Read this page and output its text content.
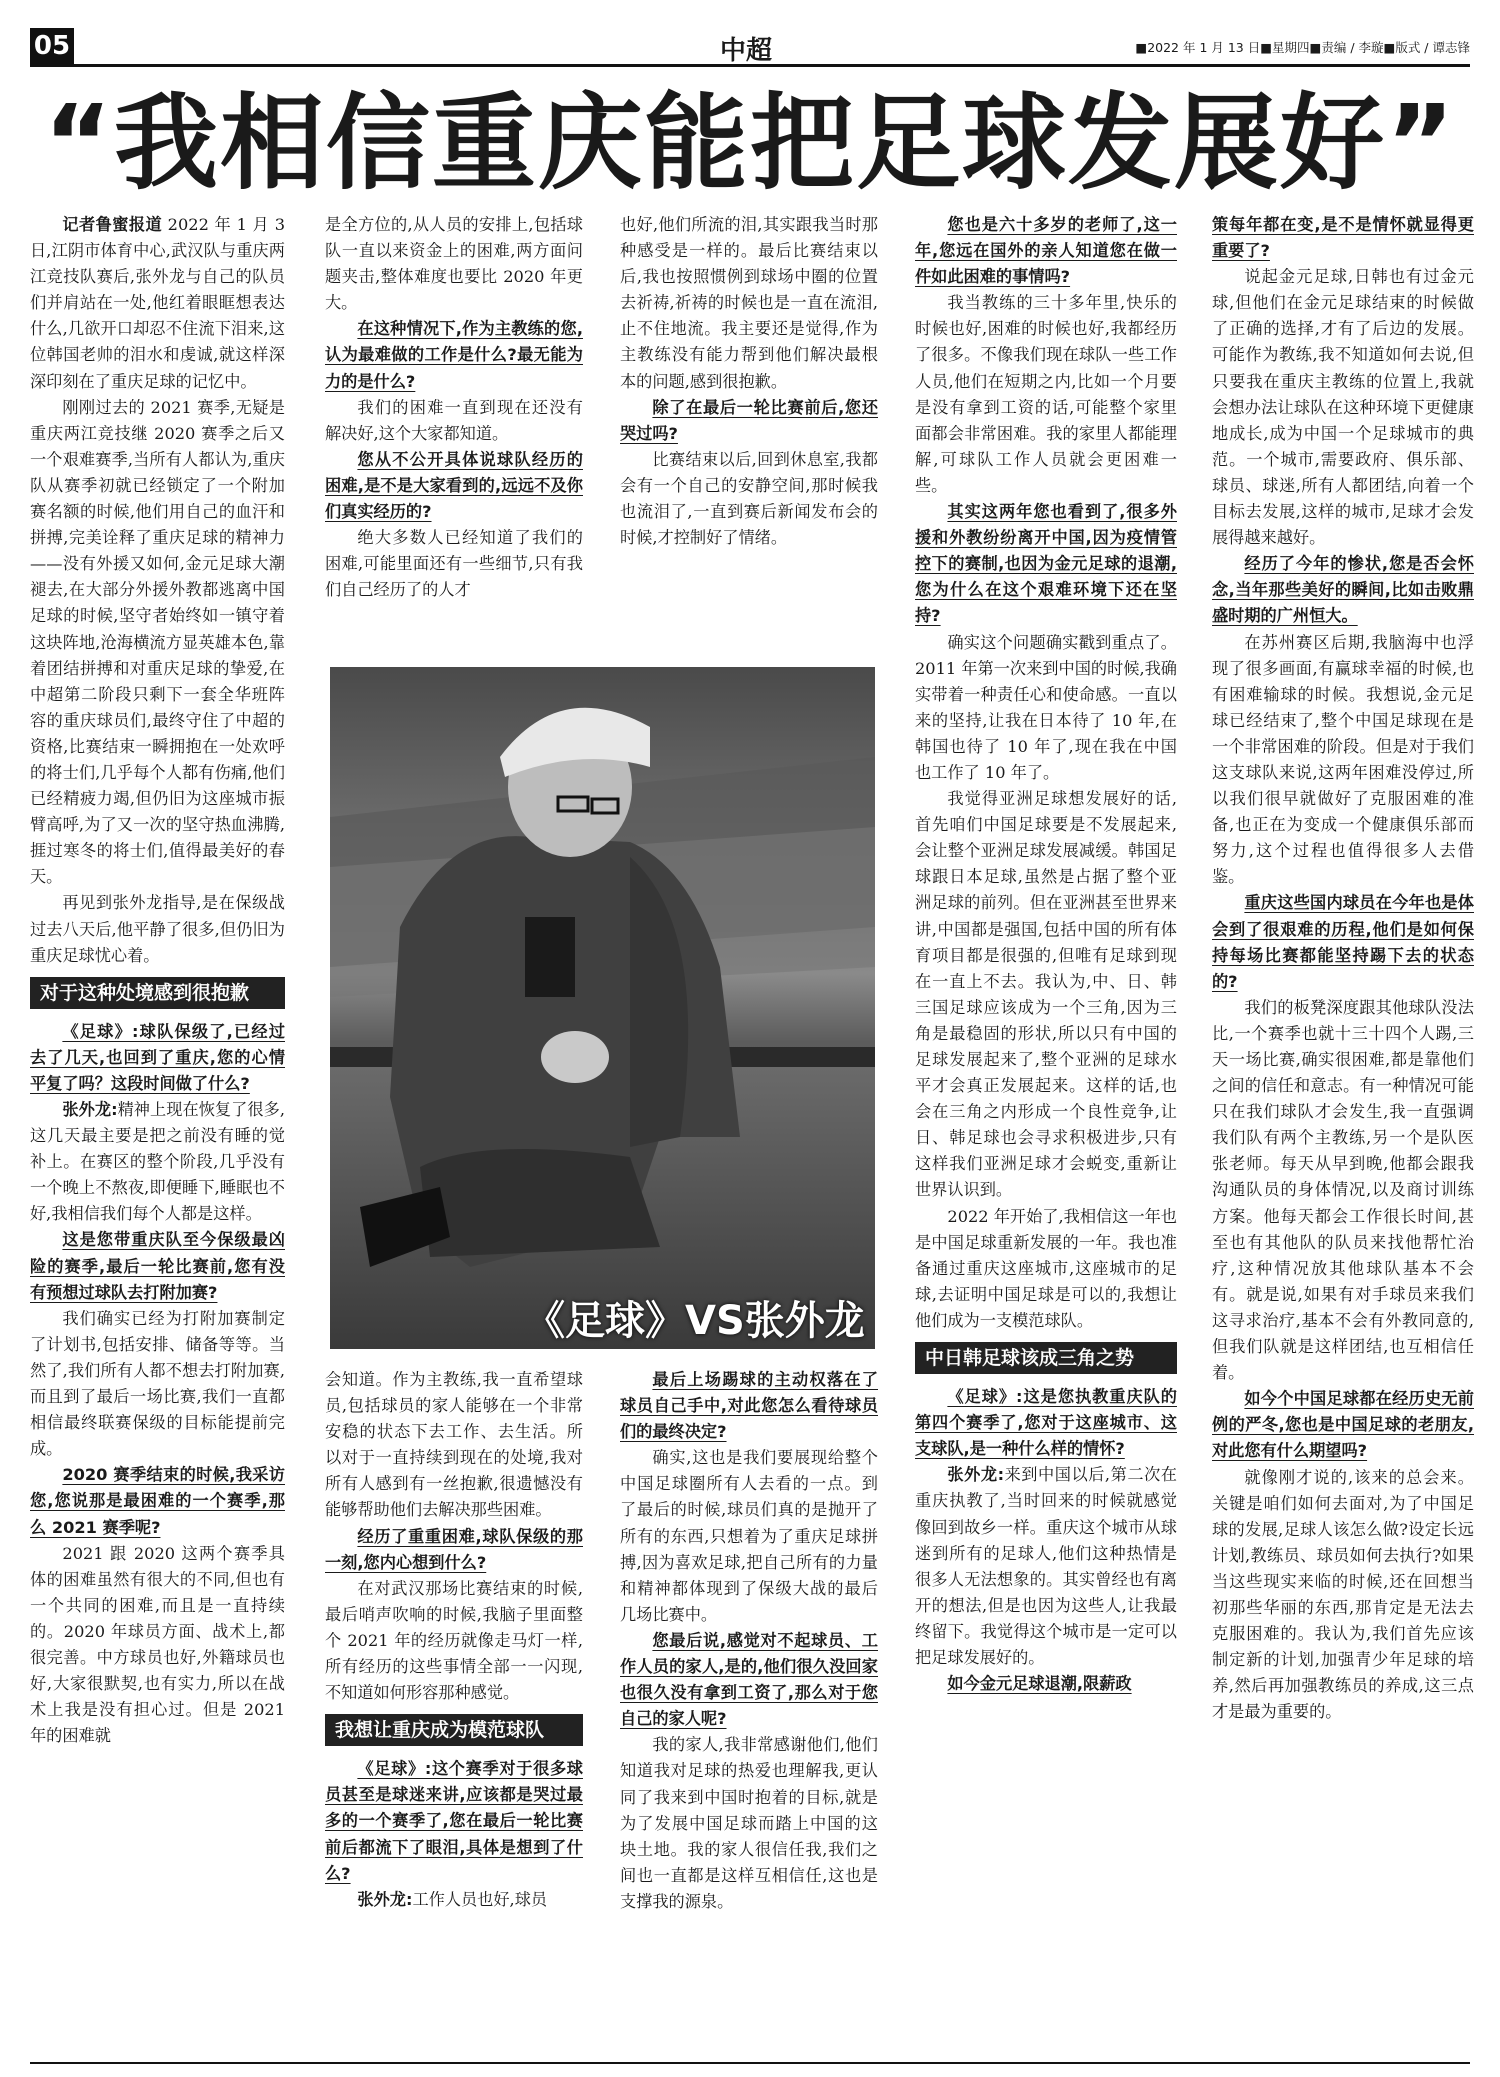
05	中超	■2022 年 1 月 13 日■星期四■责编 / 李璇■版式 / 谭志锋
“我相信重庆能把足球发展好”

记者鲁蜜报道 2022 年 1 月 3 日,江阴市体育中心,武汉队与重庆两江竞技队赛后,张外龙与自己的队员们并肩站在一处,他红着眼眶想表达什么,几欲开口却忍不住流下泪来,这位韩国老帅的泪水和虔诚,就这样深深印刻在了重庆足球的记忆中。

刚刚过去的 2021 赛季,无疑是重庆两江竞技继 2020 赛季之后又一个艰难赛季,当所有人都认为,重庆队从赛季初就已经锁定了一个附加赛名额的时候,他们用自己的血汗和拼搏,完美诠释了重庆足球的精神力——没有外援又如何,金元足球大潮褪去,在大部分外援外教都逃离中国足球的时候,坚守者始终如一镇守着这块阵地,沧海横流方显英雄本色,靠着团结拼搏和对重庆足球的挚爱,在中超第二阶段只剩下一套全华班阵容的重庆球员们,最终守住了中超的资格,比赛结束一瞬拥抱在一处欢呼的将士们,几乎每个人都有伤痛,他们已经精疲力竭,但仍旧为这座城市振臂高呼,为了又一次的坚守热血沸腾,捱过寒冬的将士们,值得最美好的春天。

再见到张外龙指导,是在保级战过去八天后,他平静了很多,但仍旧为重庆足球忧心着。

对于这种处境感到很抱歉

《足球》:球队保级了,已经过去了几天,也回到了重庆,您的心情平复了吗？这段时间做了什么?

张外龙:精神上现在恢复了很多,这几天最主要是把之前没有睡的觉补上。在赛区的整个阶段,几乎没有一个晚上不熬夜,即便睡下,睡眠也不好,我相信我们每个人都是这样。

这是您带重庆队至今保级最凶险的赛季,最后一轮比赛前,您有没有预想过球队去打附加赛?

我们确实已经为打附加赛制定了计划书,包括安排、储备等等。当然了,我们所有人都不想去打附加赛,而且到了最后一场比赛,我们一直都相信最终联赛保级的目标能提前完成。

2020 赛季结束的时候,我采访您,您说那是最困难的一个赛季,那么 2021 赛季呢?

2021 跟 2020 这两个赛季具体的困难虽然有很大的不同,但也有一个共同的困难,而且是一直持续的。2020 年球员方面、战术上,都很完善。中方球员也好,外籍球员也好,大家很默契,也有实力,所以在战术上我是没有担心过。但是 2021 年的困难就

是全方位的,从人员的安排上,包括球队一直以来资金上的困难,两方面问题夹击,整体难度也要比 2020 年更大。

在这种情况下,作为主教练的您,认为最难做的工作是什么?最无能为力的是什么?

我们的困难一直到现在还没有解决好,这个大家都知道。

您从不公开具体说球队经历的困难,是不是大家看到的,远远不及你们真实经历的?

绝大多数人已经知道了我们的困难,可能里面还有一些细节,只有我们自己经历了的人才

也好,他们所流的泪,其实跟我当时那种感受是一样的。最后比赛结束以后,我也按照惯例到球场中圈的位置去祈祷,祈祷的时候也是一直在流泪,止不住地流。我主要还是觉得,作为主教练没有能力帮到他们解决最根本的问题,感到很抱歉。

除了在最后一轮比赛前后,您还哭过吗?

比赛结束以后,回到休息室,我都会有一个自己的安静空间,那时候我也流泪了,一直到赛后新闻发布会的时候,才控制好了情绪。

《足球》VS张外龙

会知道。作为主教练,我一直希望球员,包括球员的家人能够在一个非常安稳的状态下去工作、去生活。所以对于一直持续到现在的处境,我对所有人感到有一丝抱歉,很遗憾没有能够帮助他们去解决那些困难。

经历了重重困难,球队保级的那一刻,您内心想到什么?

在对武汉那场比赛结束的时候,最后哨声吹响的时候,我脑子里面整个 2021 年的经历就像走马灯一样,所有经历的这些事情全部一一闪现,不知道如何形容那种感觉。

我想让重庆成为模范球队

《足球》:这个赛季对于很多球员甚至是球迷来讲,应该都是哭过最多的一个赛季了,您在最后一轮比赛前后都流下了眼泪,具体是想到了什么?

张外龙:工作人员也好,球员

最后上场踢球的主动权落在了球员自己手中,对此您怎么看待球员们的最终决定?

确实,这也是我们要展现给整个中国足球圈所有人去看的一点。到了最后的时候,球员们真的是抛开了所有的东西,只想着为了重庆足球拼搏,因为喜欢足球,把自己所有的力量和精神都体现到了保级大战的最后几场比赛中。

您最后说,感觉对不起球员、工作人员的家人,是的,他们很久没回家也很久没有拿到工资了,那么对于您自己的家人呢?

我的家人,我非常感谢他们,他们知道我对足球的热爱也理解我,更认同了我来到中国时抱着的目标,就是为了发展中国足球而踏上中国的这块土地。我的家人很信任我,我们之间也一直都是这样互相信任,这也是支撑我的源泉。

您也是六十多岁的老师了,这一年,您远在国外的亲人知道您在做一件如此困难的事情吗?

我当教练的三十多年里,快乐的时候也好,困难的时候也好,我都经历了很多。不像我们现在球队一些工作人员,他们在短期之内,比如一个月要是没有拿到工资的话,可能整个家里面都会非常困难。我的家里人都能理解,可球队工作人员就会更困难一些。

其实这两年您也看到了,很多外援和外教纷纷离开中国,因为疫情管控下的赛制,也因为金元足球的退潮,您为什么在这个艰难环境下还在坚持?

确实这个问题确实戳到重点了。2011 年第一次来到中国的时候,我确实带着一种责任心和使命感。一直以来的坚持,让我在日本待了 10 年,在韩国也待了 10 年了,现在我在中国也工作了 10 年了。

我觉得亚洲足球想发展好的话,首先咱们中国足球要是不发展起来,会让整个亚洲足球发展减缓。韩国足球跟日本足球,虽然是占据了整个亚洲足球的前列。但在亚洲甚至世界来讲,中国都是强国,包括中国的所有体育项目都是很强的,但唯有足球到现在一直上不去。我认为,中、日、韩三国足球应该成为一个三角,因为三角是最稳固的形状,所以只有中国的足球发展起来了,整个亚洲的足球水平才会真正发展起来。这样的话,也会在三角之内形成一个良性竞争,让日、韩足球也会寻求积极进步,只有这样我们亚洲足球才会蜕变,重新让世界认识到。

2022 年开始了,我相信这一年也是中国足球重新发展的一年。我也准备通过重庆这座城市,这座城市的足球,去证明中国足球是可以的,我想让他们成为一支模范球队。

中日韩足球该成三角之势

《足球》:这是您执教重庆队的第四个赛季了,您对于这座城市、这支球队,是一种什么样的情怀?

张外龙:来到中国以后,第二次在重庆执教了,当时回来的时候就感觉像回到故乡一样。重庆这个城市从球迷到所有的足球人,他们这种热情是很多人无法想象的。其实曾经也有离开的想法,但是也因为这些人,让我最终留下。我觉得这个城市是一定可以把足球发展好的。

如今金元足球退潮,限薪政

策每年都在变,是不是情怀就显得更重要了?

说起金元足球,日韩也有过金元球,但他们在金元足球结束的时候做了正确的选择,才有了后边的发展。可能作为教练,我不知道如何去说,但只要我在重庆主教练的位置上,我就会想办法让球队在这种环境下更健康地成长,成为中国一个足球城市的典范。一个城市,需要政府、俱乐部、球员、球迷,所有人都团结,向着一个目标去发展,这样的城市,足球才会发展得越来越好。

经历了今年的惨状,您是否会怀念,当年那些美好的瞬间,比如击败鼎盛时期的广州恒大。

在苏州赛区后期,我脑海中也浮现了很多画面,有赢球幸福的时候,也有困难输球的时候。我想说,金元足球已经结束了,整个中国足球现在是一个非常困难的阶段。但是对于我们这支球队来说,这两年困难没停过,所以我们很早就做好了克服困难的准备,也正在为变成一个健康俱乐部而努力,这个过程也值得很多人去借鉴。

重庆这些国内球员在今年也是体会到了很艰难的历程,他们是如何保持每场比赛都能坚持踢下去的状态的?

我们的板凳深度跟其他球队没法比,一个赛季也就十三十四个人踢,三天一场比赛,确实很困难,都是靠他们之间的信任和意志。有一种情况可能只在我们球队才会发生,我一直强调我们队有两个主教练,另一个是队医张老师。每天从早到晚,他都会跟我沟通队员的身体情况,以及商讨训练方案。他每天都会工作很长时间,甚至也有其他队的队员来找他帮忙治疗,这种情况放其他球队基本不会有。就是说,如果有对手球员来我们这寻求治疗,基本不会有外教同意的,但我们队就是这样团结,也互相信任着。

如今个中国足球都在经历史无前例的严冬,您也是中国足球的老朋友,对此您有什么期望吗?

就像刚才说的,该来的总会来。关键是咱们如何去面对,为了中国足球的发展,足球人该怎么做?设定长远计划,教练员、球员如何去执行?如果当这些现实来临的时候,还在回想当初那些华丽的东西,那肯定是无法去克服困难的。我认为,我们首先应该制定新的计划,加强青少年足球的培养,然后再加强教练员的养成,这三点才是最为重要的。
